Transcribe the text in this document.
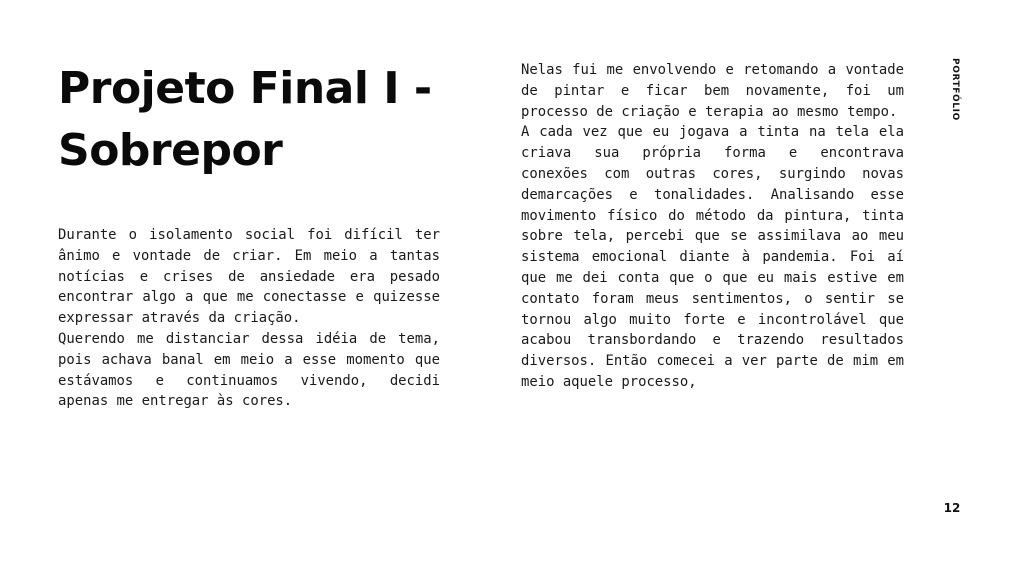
Projeto Final I - Sobrepor

Durante o isolamento social foi difícil ter ânimo e vontade de criar. Em meio a tantas notícias e crises de ansiedade era pesado encontrar algo a que me conectasse e quizesse expressar através da criação.

Querendo me distanciar dessa idéia de tema, pois achava banal em meio a esse momento que estávamos e continuamos vivendo, decidi apenas me entregar às cores.

Nelas fui me envolvendo e retomando a vontade de pintar e ficar bem novamente, foi um processo de criação e terapia ao mesmo tempo.

A cada vez que eu jogava a tinta na tela ela criava sua própria forma e encontrava conexões com outras cores, surgindo novas demarcações e tonalidades. Analisando esse movimento físico do método da pintura, tinta sobre tela, percebi que se assimilava ao meu sistema emocional diante à pandemia. Foi aí que me dei conta que o que eu mais estive em contato foram meus sentimentos, o sentir se tornou algo muito forte e incontrolável que acabou transbordando e trazendo resultados diversos. Então comecei a ver parte de mim em meio aquele processo,

PORTFÓLIO
12
